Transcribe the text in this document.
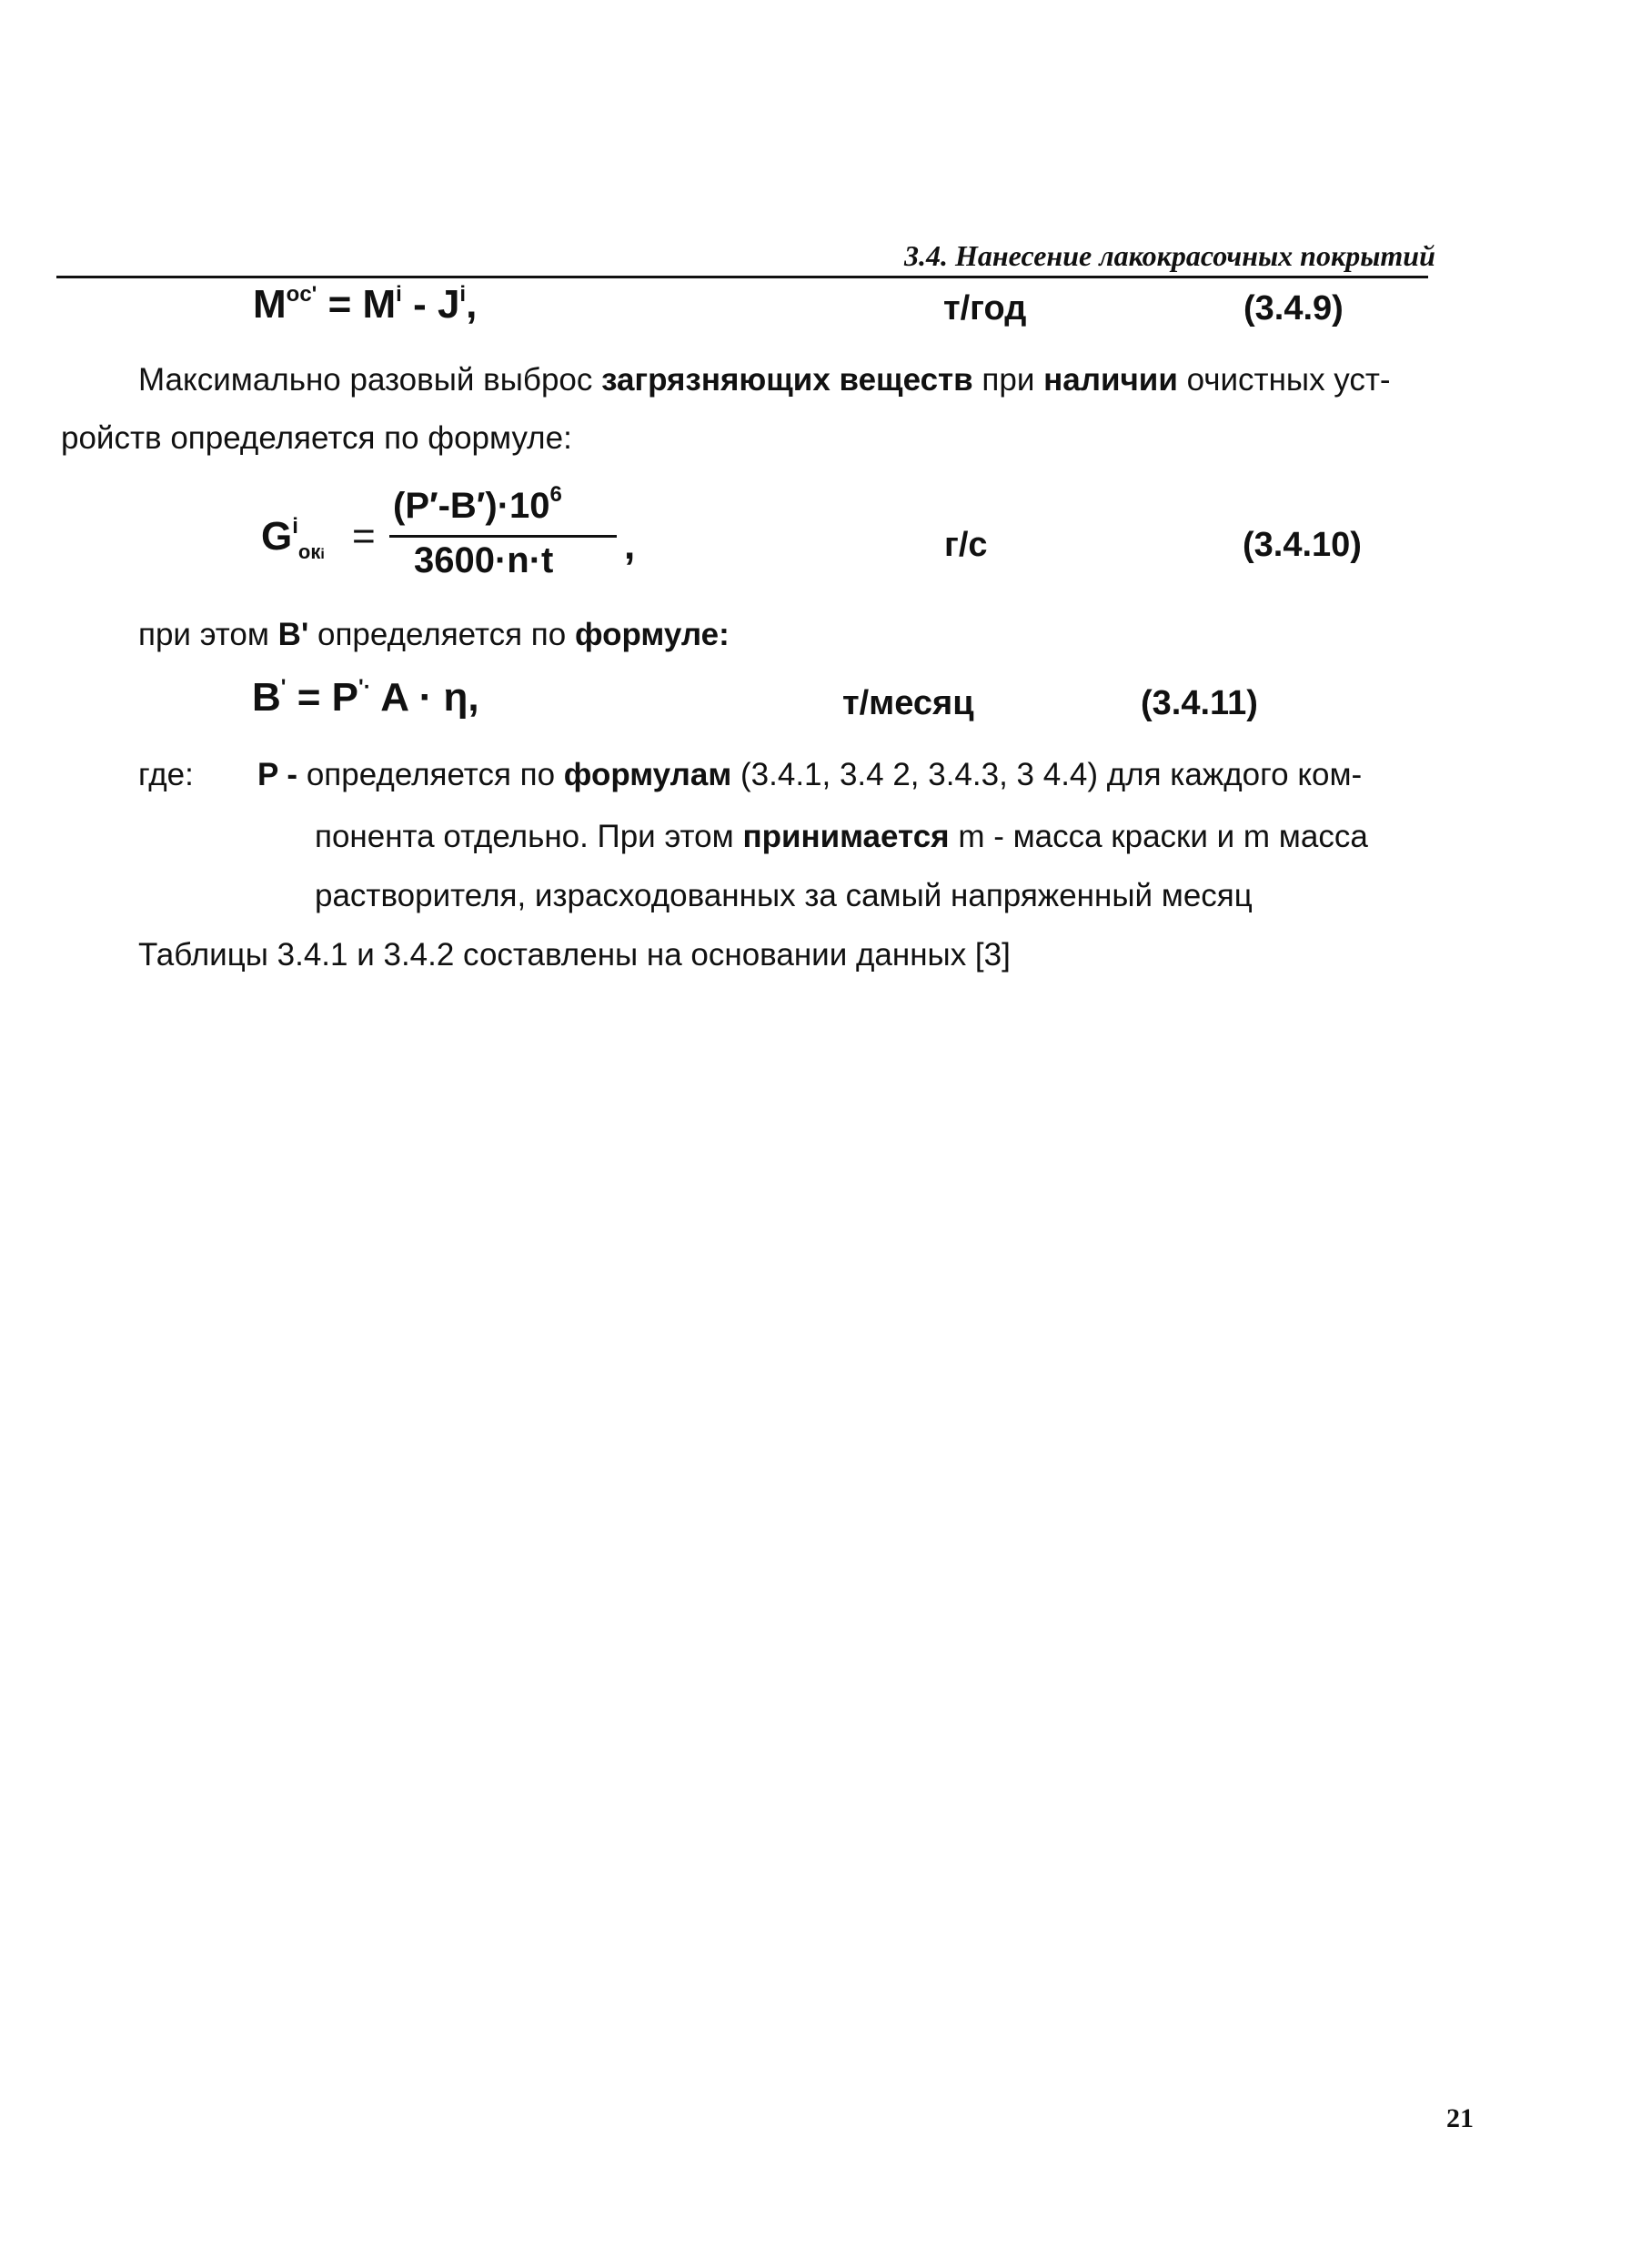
3.4. Нанесение лакокрасочных покрытий
$M^{oc'} = M^i - J^i$,	т/год	(3.4.9)
Максимально разовый выброс загрязняющих веществ при наличии очистных уст-
ройств определяется по формуле:
$G^i_{окi}$ =
$(P'-B')\cdot 10^6$
3600·n·t ,	г/с	(3.4.10)
при этом B' определяется по формуле:
B' = P'· A · η,	т/месяц	(3.4.11)
где: P - определяется по формулам (3.4.1, 3.4 2, 3.4.3, 3 4.4) для каждого ком-
понента отдельно. При этом принимается m - масса краски и m масса
растворителя, израсходованных за самый напряженный месяц
Таблицы 3.4.1 и 3.4.2 составлены на основании данных [3]
21
